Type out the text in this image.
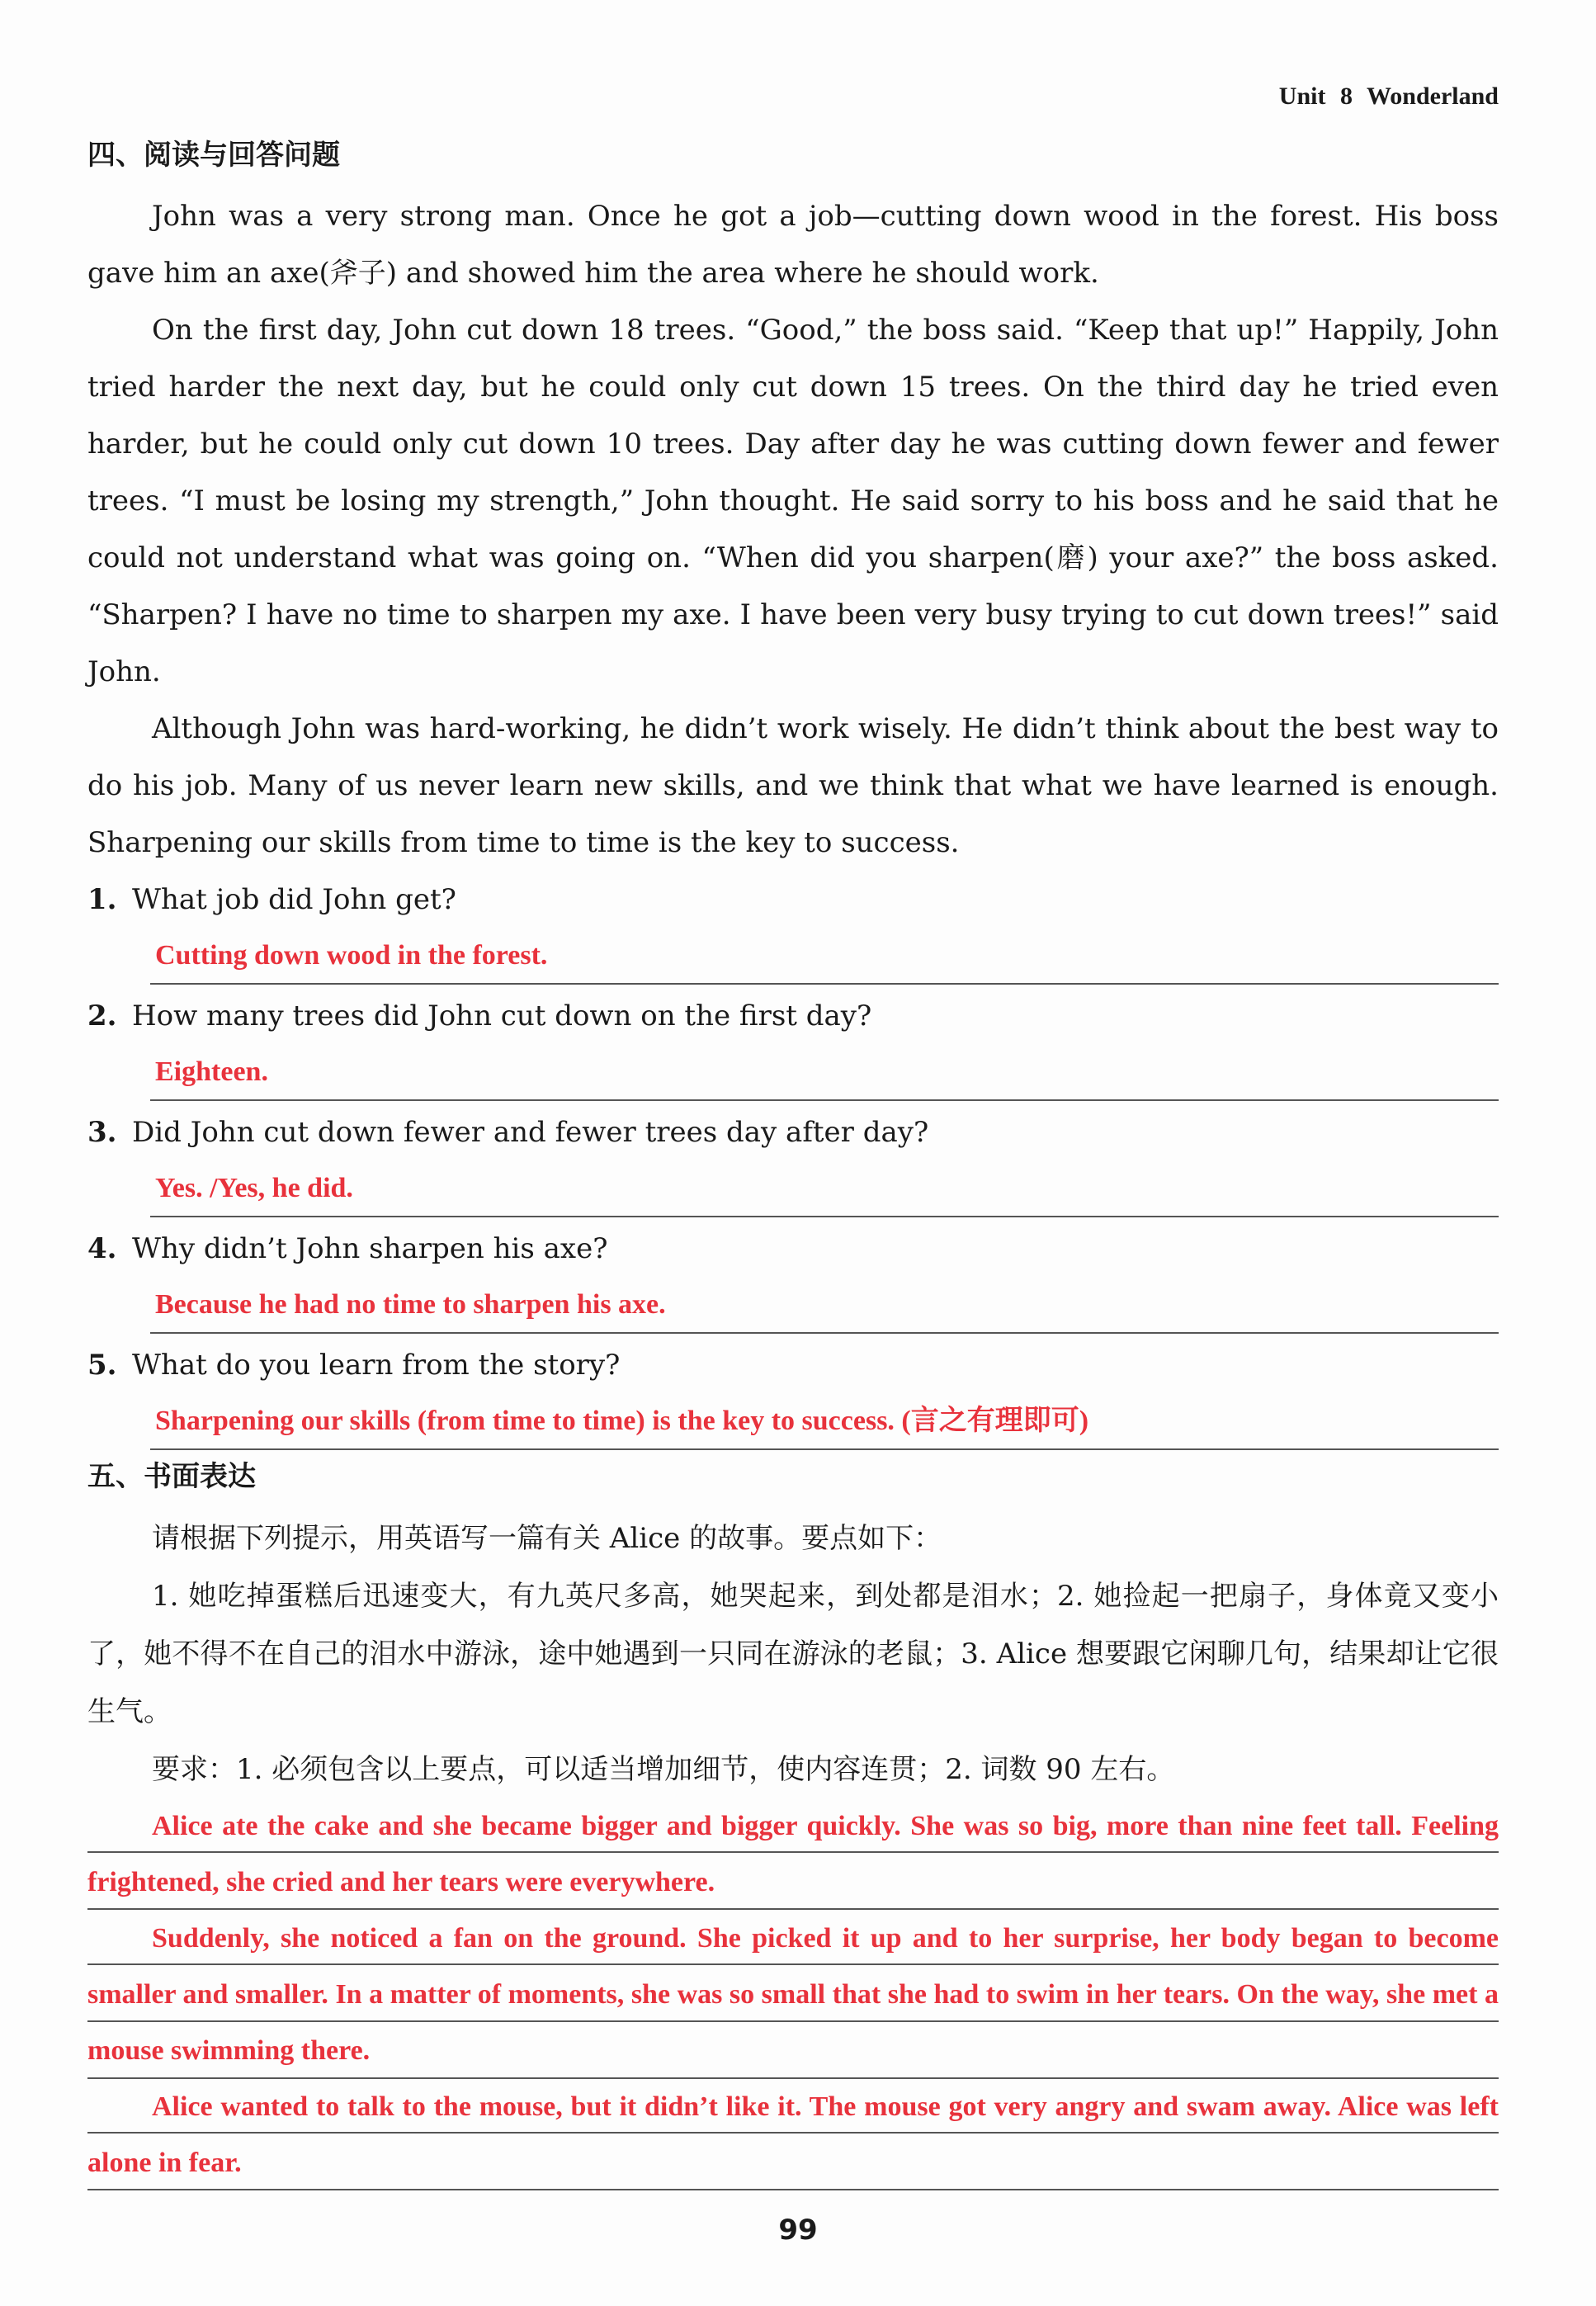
Unit 8 Wonderland
四、阅读与回答问题

John was a very strong man. Once he got a job—cutting down wood in the forest. His boss gave him an axe(斧子) and showed him the area where he should work.

On the first day, John cut down 18 trees. “Good,” the boss said. “Keep that up!” Happily, John tried harder the next day, but he could only cut down 15 trees. On the third day he tried even harder, but he could only cut down 10 trees. Day after day he was cutting down fewer and fewer trees. “I must be losing my strength,” John thought. He said sorry to his boss and he said that he could not understand what was going on. “When did you sharpen(磨) your axe?” the boss asked. “Sharpen? I have no time to sharpen my axe. I have been very busy trying to cut down trees!” said John.

Although John was hard-working, he didn’t work wisely. He didn’t think about the best way to do his job. Many of us never learn new skills, and we think that what we have learned is enough. Sharpening our skills from time to time is the key to success.

1. What job did John get?
Cutting down wood in the forest.
2. How many trees did John cut down on the first day?
Eighteen.
3. Did John cut down fewer and fewer trees day after day?
Yes. /Yes, he did.
4. Why didn’t John sharpen his axe?
Because he had no time to sharpen his axe.
5. What do you learn from the story?
Sharpening our skills (from time to time) is the key to success. (言之有理即可)
五、书面表达

请根据下列提示，用英语写一篇有关 Alice 的故事。要点如下：

1. 她吃掉蛋糕后迅速变大，有九英尺多高，她哭起来，到处都是泪水；2. 她捡起一把扇子，身体竟又变小了，她不得不在自己的泪水中游泳，途中她遇到一只同在游泳的老鼠；3. Alice 想要跟它闲聊几句，结果却让它很生气。

要求：1. 必须包含以上要点，可以适当增加细节，使内容连贯；2. 词数 90 左右。

Alice ate the cake and she became bigger and bigger quickly. She was so big, more than nine feet tall. Feeling frightened, she cried and her tears were everywhere.

Suddenly, she noticed a fan on the ground. She picked it up and to her surprise, her body began to become smaller and smaller. In a matter of moments, she was so small that she had to swim in her tears. On the way, she met a mouse swimming there.

Alice wanted to talk to the mouse, but it didn’t like it. The mouse got very angry and swam away. Alice was left alone in fear.

99
